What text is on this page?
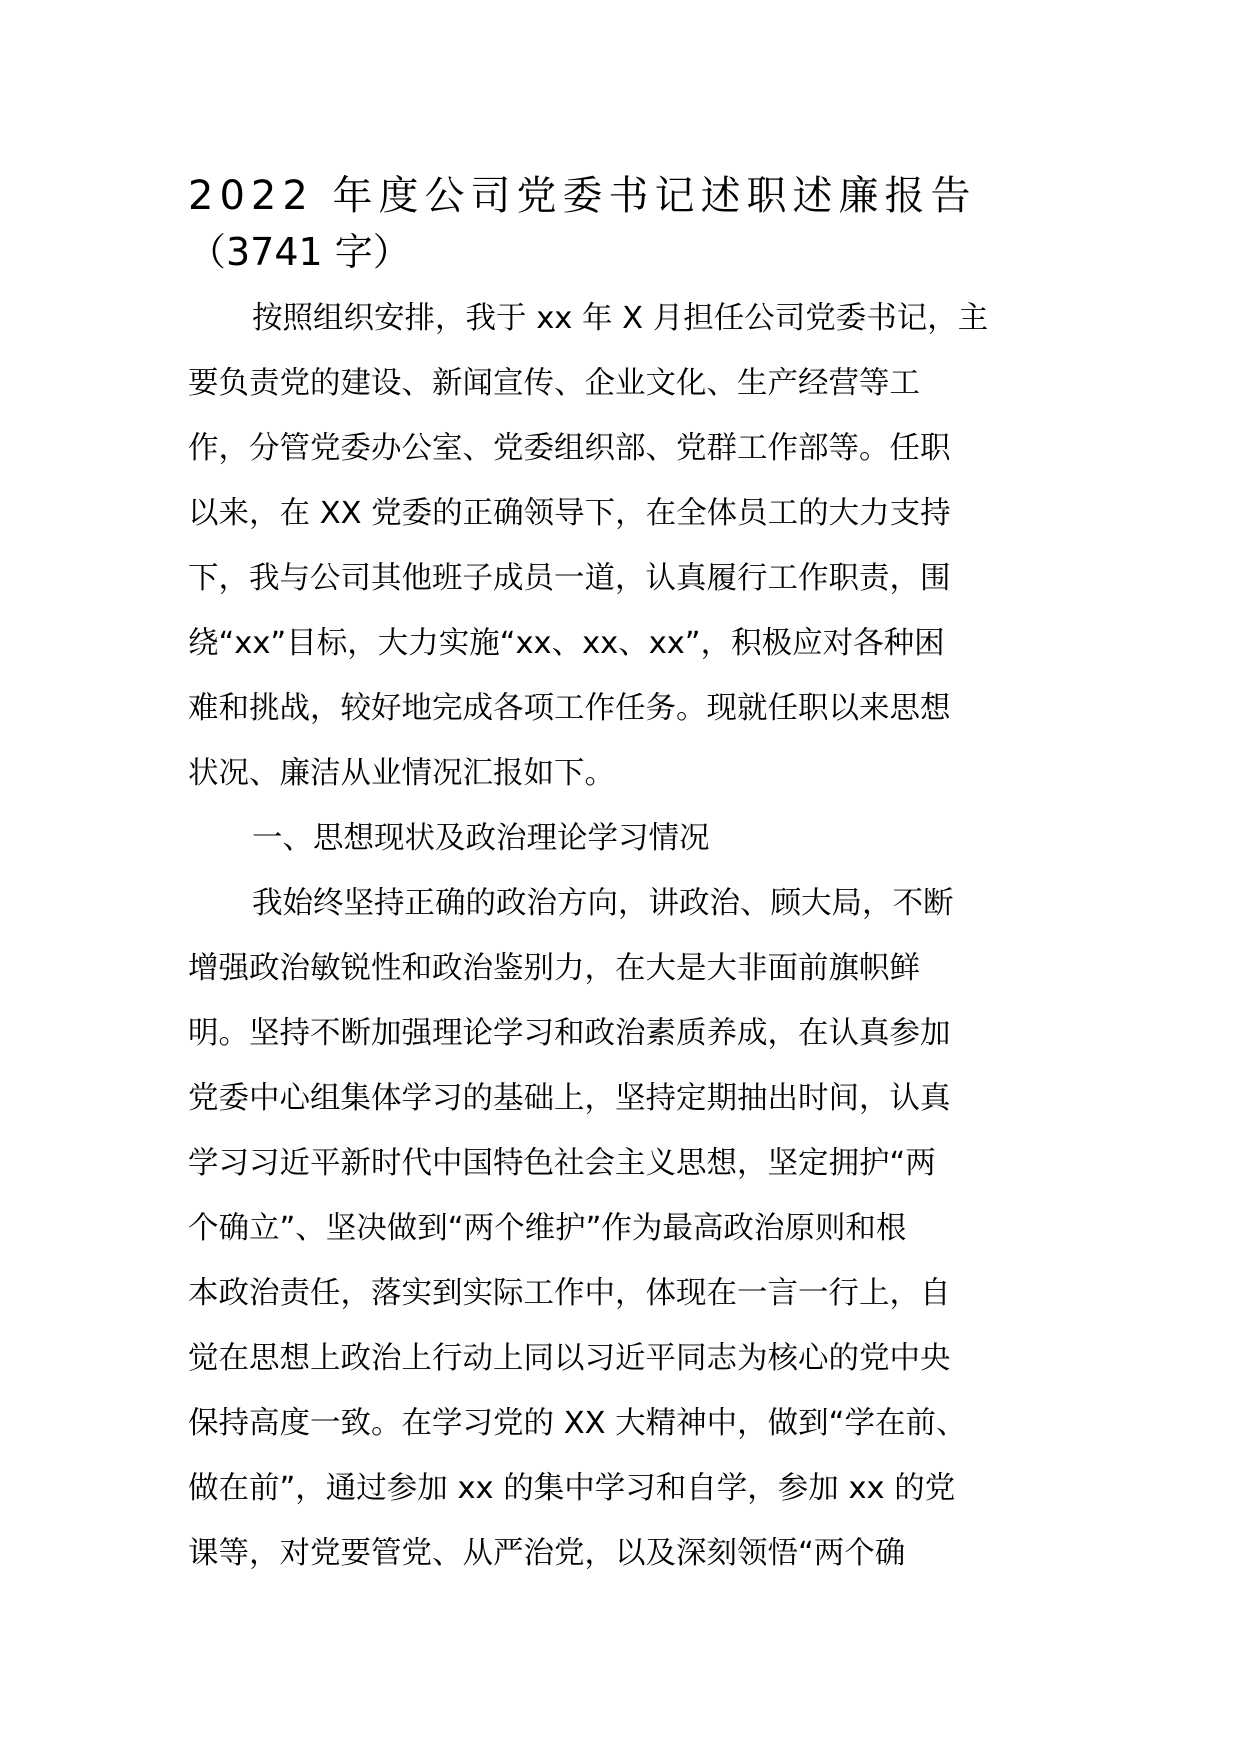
2022 年度公司党委书记述职述廉报告
（3741 字）

按照组织安排，我于 xx 年 X 月担任公司党委书记，主

要负责党的建设、新闻宣传、企业文化、生产经营等工

作，分管党委办公室、党委组织部、党群工作部等。任职

以来，在 XX 党委的正确领导下，在全体员工的大力支持

下，我与公司其他班子成员一道，认真履行工作职责，围

绕“xx”目标，大力实施“xx、xx、xx”，积极应对各种困

难和挑战，较好地完成各项工作任务。现就任职以来思想

状况、廉洁从业情况汇报如下。

一、思想现状及政治理论学习情况

我始终坚持正确的政治方向，讲政治、顾大局，不断

增强政治敏锐性和政治鉴别力，在大是大非面前旗帜鲜

明。坚持不断加强理论学习和政治素质养成，在认真参加

党委中心组集体学习的基础上，坚持定期抽出时间，认真

学习习近平新时代中国特色社会主义思想，坚定拥护“两

个确立”、坚决做到“两个维护”作为最高政治原则和根

本政治责任，落实到实际工作中，体现在一言一行上，自

觉在思想上政治上行动上同以习近平同志为核心的党中央

保持高度一致。在学习党的 XX 大精神中，做到“学在前、

做在前”，通过参加 xx 的集中学习和自学，参加 xx 的党

课等，对党要管党、从严治党，以及深刻领悟“两个确
